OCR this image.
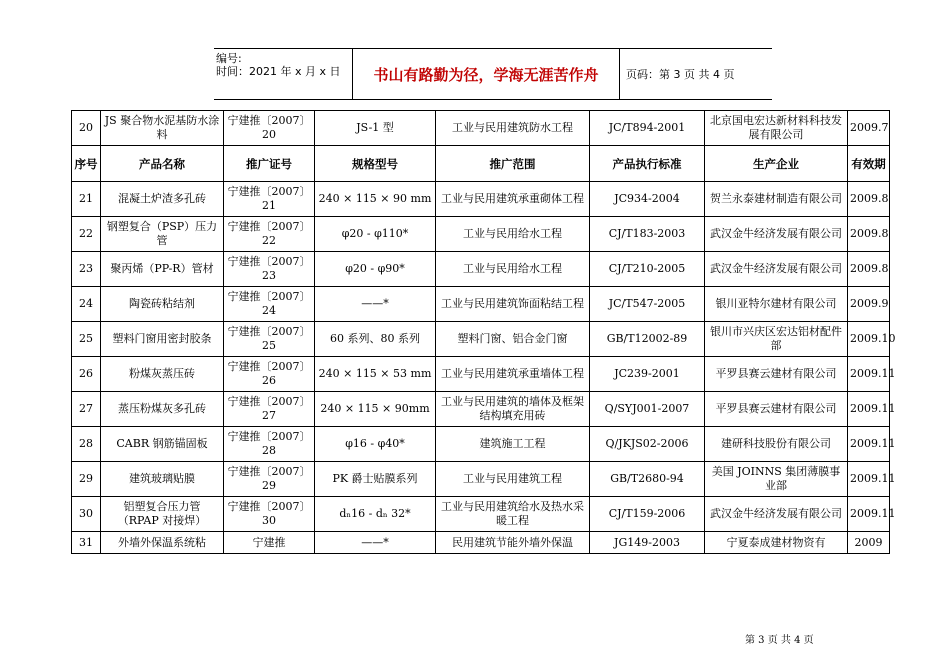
编号:
时间：2021 年 x 月 x 日	书山有路勤为径，学海无涯苦作舟	页码：第 3 页 共 4 页
20	JS 聚合物水泥基防水涂料	宁建推〔2007〕20	JS-1 型	工业与民用建筑防水工程	JC/T894-2001	北京国电宏达新材料科技发展有限公司	2009.7
序号	产品名称	推广证号	规格型号	推广范围	产品执行标准	生产企业	有效期
21	混凝土炉渣多孔砖	宁建推〔2007〕21	240 × 115 × 90 mm	工业与民用建筑承重砌体工程	JC934-2004	贺兰永泰建材制造有限公司	2009.8
22	钢塑复合（PSP）压力管	宁建推〔2007〕22	φ20 - φ110*	工业与民用给水工程	CJ/T183-2003	武汉金牛经济发展有限公司	2009.8
23	聚丙烯（PP-R）管材	宁建推〔2007〕23	φ20 - φ90*	工业与民用给水工程	CJ/T210-2005	武汉金牛经济发展有限公司	2009.8
24	陶瓷砖粘结剂	宁建推〔2007〕24	——*	工业与民用建筑饰面粘结工程	JC/T547-2005	银川亚特尔建材有限公司	2009.9
25	塑料门窗用密封胶条	宁建推〔2007〕25	60 系列、80 系列	塑料门窗、铝合金门窗	GB/T12002-89	银川市兴庆区宏达铝材配件部	2009.10
26	粉煤灰蒸压砖	宁建推〔2007〕26	240 × 115 × 53 mm	工业与民用建筑承重墙体工程	JC239-2001	平罗县赛云建材有限公司	2009.11
27	蒸压粉煤灰多孔砖	宁建推〔2007〕27	240 × 115 × 90mm	工业与民用建筑的墙体及框架结构填充用砖	Q/SYJ001-2007	平罗县赛云建材有限公司	2009.11
28	CABR 钢筋锚固板	宁建推〔2007〕28	φ16 - φ40*	建筑施工工程	Q/JKJS02-2006	建研科技股份有限公司	2009.11
29	建筑玻璃贴膜	宁建推〔2007〕29	PK 爵士贴膜系列	工业与民用建筑工程	GB/T2680-94	美国 JOINNS 集团薄膜事业部	2009.11
30	铝塑复合压力管（RPAP 对接焊）	宁建推〔2007〕30	dₙ16 - dₙ 32*	工业与民用建筑给水及热水采暖工程	CJ/T159-2006	武汉金牛经济发展有限公司	2009.11
31	外墙外保温系统粘	宁建推	——*	民用建筑节能外墙外保温	JG149-2003	宁夏泰成建材物资有	2009
第 3 页 共 4 页
